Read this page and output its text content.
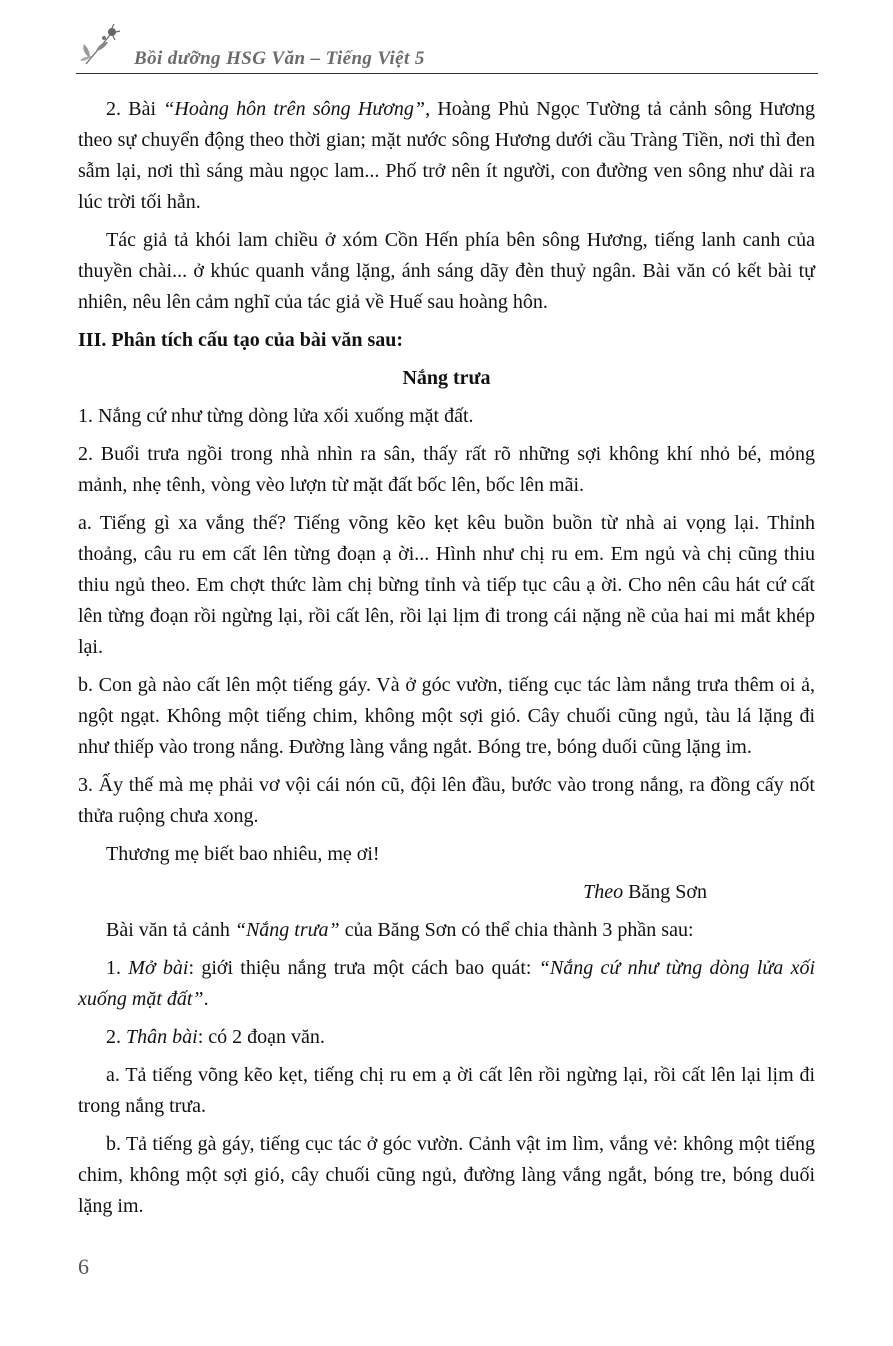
Bồi dưỡng HSG Văn – Tiếng Việt 5

2. Bài “Hoàng hôn trên sông Hương”, Hoàng Phủ Ngọc Tường tả cảnh sông Hương theo sự chuyển động theo thời gian; mặt nước sông Hương dưới cầu Tràng Tiền, nơi thì đen sẫm lại, nơi thì sáng màu ngọc lam... Phố trở nên ít người, con đường ven sông như dài ra lúc trời tối hẳn.

Tác giả tả khói lam chiều ở xóm Cồn Hến phía bên sông Hương, tiếng lanh canh của thuyền chài... ở khúc quanh vắng lặng, ánh sáng dãy đèn thuỷ ngân. Bài văn có kết bài tự nhiên, nêu lên cảm nghĩ của tác giả về Huế sau hoàng hôn.

III. Phân tích cấu tạo của bài văn sau:

Nắng trưa

1. Nắng cứ như từng dòng lửa xối xuống mặt đất.

2. Buổi trưa ngồi trong nhà nhìn ra sân, thấy rất rõ những sợi không khí nhỏ bé, mỏng mảnh, nhẹ tênh, vòng vèo lượn từ mặt đất bốc lên, bốc lên mãi.

a. Tiếng gì xa vắng thế? Tiếng võng kẽo kẹt kêu buồn buồn từ nhà ai vọng lại. Thỉnh thoảng, câu ru em cất lên từng đoạn ạ ời... Hình như chị ru em. Em ngủ và chị cũng thiu thiu ngủ theo. Em chợt thức làm chị bừng tỉnh và tiếp tục câu ạ ời. Cho nên câu hát cứ cất lên từng đoạn rồi ngừng lại, rồi cất lên, rồi lại lịm đi trong cái nặng nề của hai mi mắt khép lại.

b. Con gà nào cất lên một tiếng gáy. Và ở góc vườn, tiếng cục tác làm nắng trưa thêm oi ả, ngột ngạt. Không một tiếng chim, không một sợi gió. Cây chuối cũng ngủ, tàu lá lặng đi như thiếp vào trong nắng. Đường làng vắng ngắt. Bóng tre, bóng duối cũng lặng im.

3. Ấy thế mà mẹ phải vơ vội cái nón cũ, đội lên đầu, bước vào trong nắng, ra đồng cấy nốt thửa ruộng chưa xong.

Thương mẹ biết bao nhiêu, mẹ ơi!

Theo Băng Sơn

Bài văn tả cảnh “Nắng trưa” của Băng Sơn có thể chia thành 3 phần sau:

1. Mở bài: giới thiệu nắng trưa một cách bao quát: “Nắng cứ như từng dòng lửa xối xuống mặt đất”.

2. Thân bài: có 2 đoạn văn.

a. Tả tiếng võng kẽo kẹt, tiếng chị ru em ạ ời cất lên rồi ngừng lại, rồi cất lên lại lịm đi trong nắng trưa.

b. Tả tiếng gà gáy, tiếng cục tác ở góc vườn. Cảnh vật im lìm, vắng vẻ: không một tiếng chim, không một sợi gió, cây chuối cũng ngủ, đường làng vắng ngắt, bóng tre, bóng duối lặng im.

6
